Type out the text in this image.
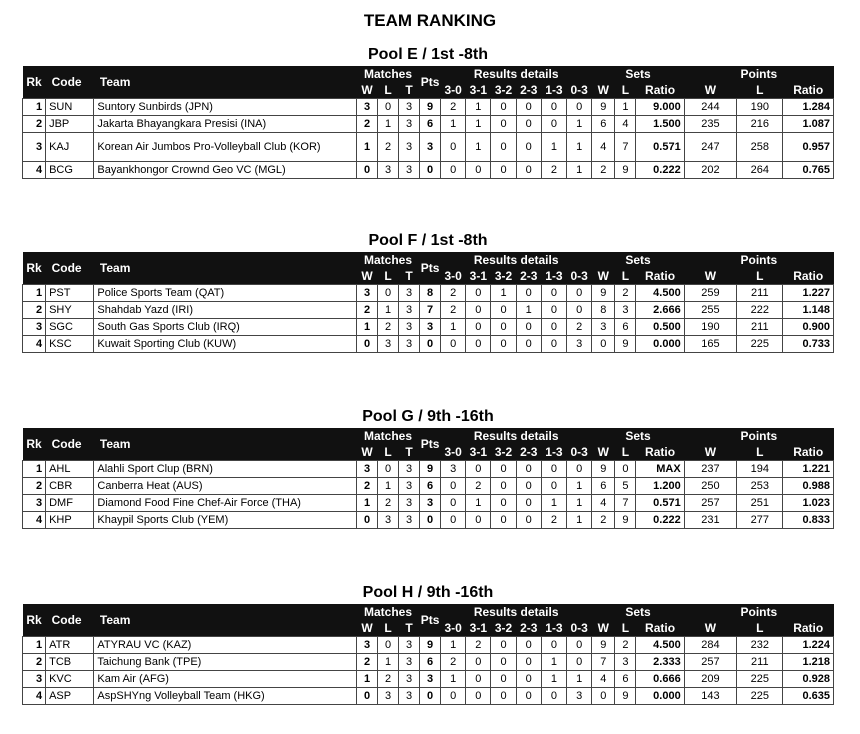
TEAM RANKING
Pool E / 1st -8th
Rk	Code	Team	Matches			Pts	Results details						Sets			Points		
			W	L	T		3-0	3-1	3-2	2-3	1-3	0-3	W	L	Ratio	W	L	Ratio
1	SUN	Suntory Sunbirds (JPN)	3	0	3	9	2	1	0	0	0	0	9	1	9.000	244	190	1.284
2	JBP	Jakarta Bhayangkara Presisi (INA)	2	1	3	6	1	1	0	0	0	1	6	4	1.500	235	216	1.087
3	KAJ	Korean Air Jumbos Pro-Volleyball Club (KOR)	1	2	3	3	0	1	0	0	1	1	4	7	0.571	247	258	0.957
4	BCG	Bayankhongor Crownd Geo VC (MGL)	0	3	3	0	0	0	0	0	2	1	2	9	0.222	202	264	0.765
Pool F / 1st -8th
Rk	Code	Team	Matches			Pts	Results details						Sets			Points		
			W	L	T		3-0	3-1	3-2	2-3	1-3	0-3	W	L	Ratio	W	L	Ratio
1	PST	Police Sports Team (QAT)	3	0	3	8	2	0	1	0	0	0	9	2	4.500	259	211	1.227
2	SHY	Shahdab Yazd (IRI)	2	1	3	7	2	0	0	1	0	0	8	3	2.666	255	222	1.148
3	SGC	South Gas Sports Club (IRQ)	1	2	3	3	1	0	0	0	0	2	3	6	0.500	190	211	0.900
4	KSC	Kuwait Sporting Club (KUW)	0	3	3	0	0	0	0	0	0	3	0	9	0.000	165	225	0.733
Pool G / 9th -16th
Rk	Code	Team	Matches			Pts	Results details						Sets			Points		
			W	L	T		3-0	3-1	3-2	2-3	1-3	0-3	W	L	Ratio	W	L	Ratio
1	AHL	Alahli Sport Clup (BRN)	3	0	3	9	3	0	0	0	0	0	9	0	MAX	237	194	1.221
2	CBR	Canberra Heat (AUS)	2	1	3	6	0	2	0	0	0	1	6	5	1.200	250	253	0.988
3	DMF	Diamond Food Fine Chef-Air Force (THA)	1	2	3	3	0	1	0	0	1	1	4	7	0.571	257	251	1.023
4	KHP	Khaypil Sports Club (YEM)	0	3	3	0	0	0	0	0	2	1	2	9	0.222	231	277	0.833
Pool H / 9th -16th
Rk	Code	Team	Matches			Pts	Results details						Sets			Points		
			W	L	T		3-0	3-1	3-2	2-3	1-3	0-3	W	L	Ratio	W	L	Ratio
1	ATR	ATYRAU VC (KAZ)	3	0	3	9	1	2	0	0	0	0	9	2	4.500	284	232	1.224
2	TCB	Taichung Bank (TPE)	2	1	3	6	2	0	0	0	1	0	7	3	2.333	257	211	1.218
3	KVC	Kam Air (AFG)	1	2	3	3	1	0	0	0	1	1	4	6	0.666	209	225	0.928
4	ASP	AspSHYng Volleyball Team (HKG)	0	3	3	0	0	0	0	0	0	3	0	9	0.000	143	225	0.635
